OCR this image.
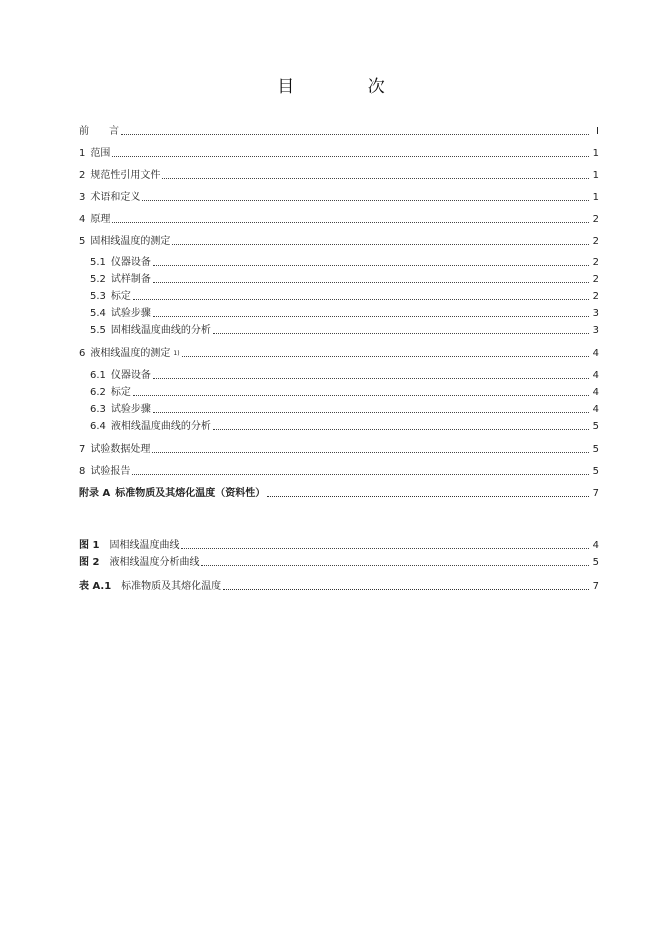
目 次
前　　言	I
1 范围	1
2 规范性引用文件	1
3 术语和定义	1
4 原理	2
5 固相线温度的测定	2
5.1 仪器设备	2
5.2 试样制备	2
5.3 标定	2
5.4 试验步骤	3
5.5 固相线温度曲线的分析	3
6 液相线温度的测定 1)	4
6.1 仪器设备	4
6.2 标定	4
6.3 试验步骤	4
6.4 液相线温度曲线的分析	5
7 试验数据处理	5
8 试验报告	5
附录 A 标准物质及其熔化温度（资料性）	7
图 1 固相线温度曲线	4
图 2 液相线温度分析曲线	5
表 A.1 标准物质及其熔化温度	7
